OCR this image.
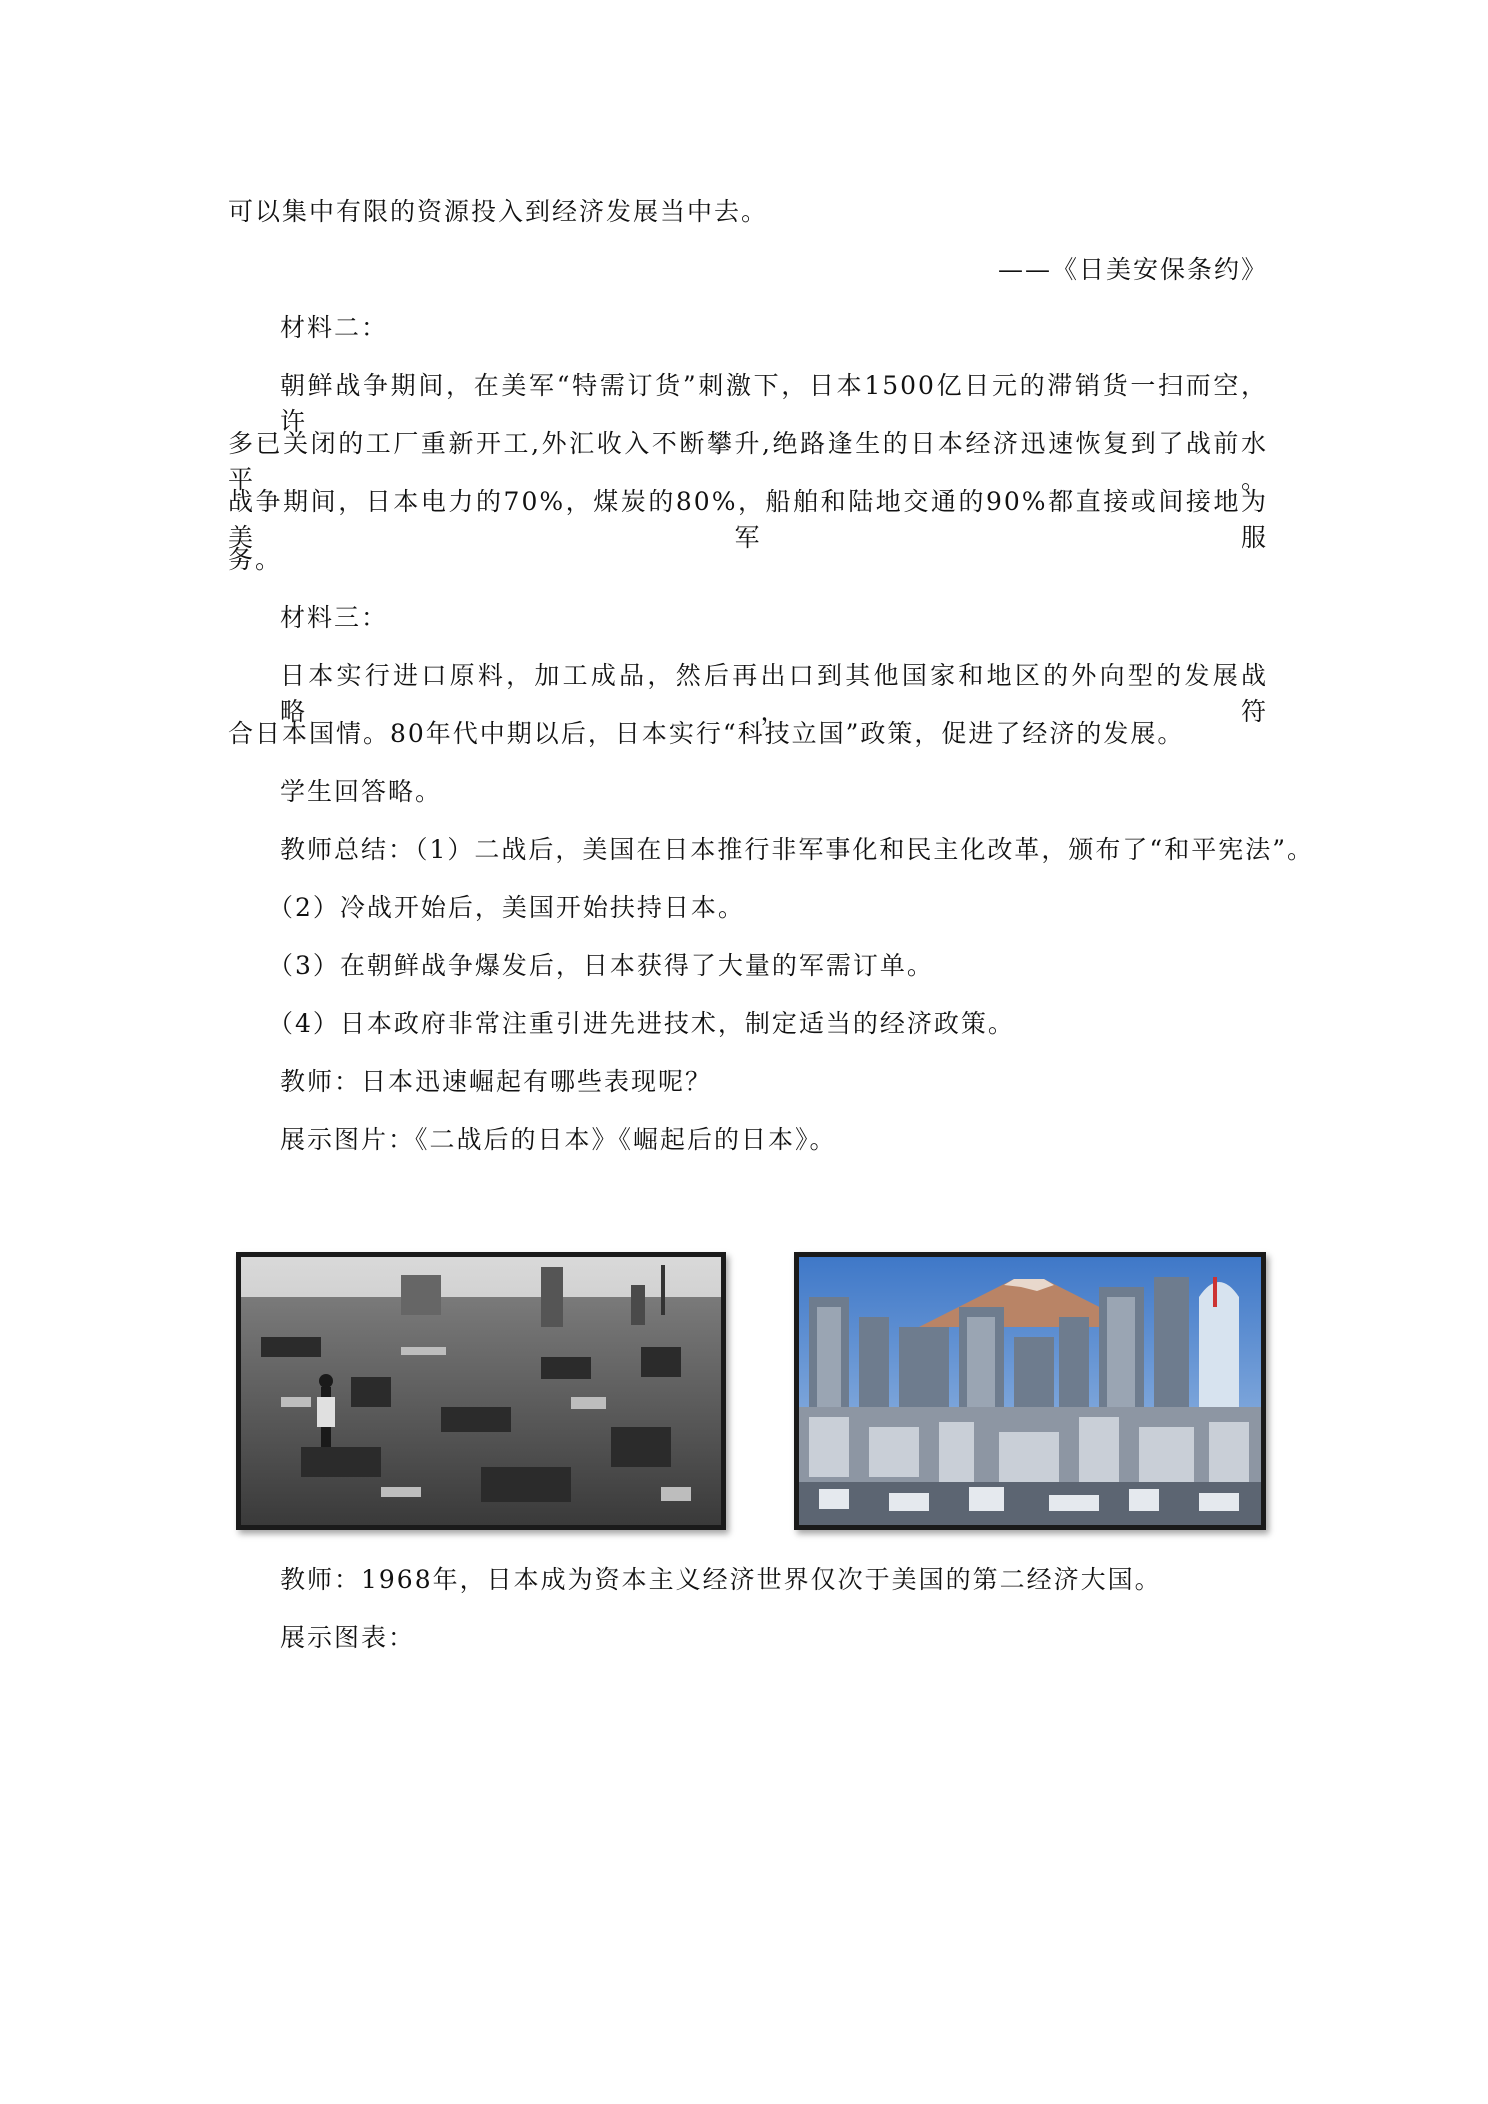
可以集中有限的资源投入到经济发展当中去。
——《日美安保条约》
材料二：
朝鲜战争期间，在美军“特需订货”刺激下，日本1500亿日元的滞销货一扫而空，许
多已关闭的工厂重新开工,外汇收入不断攀升,绝路逢生的日本经济迅速恢复到了战前水平。
战争期间，日本电力的70%，煤炭的80%，船舶和陆地交通的90%都直接或间接地为美军服
务。
材料三：
日本实行进口原料，加工成品，然后再出口到其他国家和地区的外向型的发展战略，符
合日本国情。80年代中期以后，日本实行“科技立国”政策，促进了经济的发展。
学生回答略。
教师总结：（1）二战后，美国在日本推行非军事化和民主化改革，颁布了“和平宪法”。
（2）冷战开始后，美国开始扶持日本。
（3）在朝鲜战争爆发后，日本获得了大量的军需订单。
（4）日本政府非常注重引进先进技术，制定适当的经济政策。
教师：日本迅速崛起有哪些表现呢？
展示图片：《二战后的日本》《崛起后的日本》。
教师：1968年，日本成为资本主义经济世界仅次于美国的第二经济大国。
展示图表：
